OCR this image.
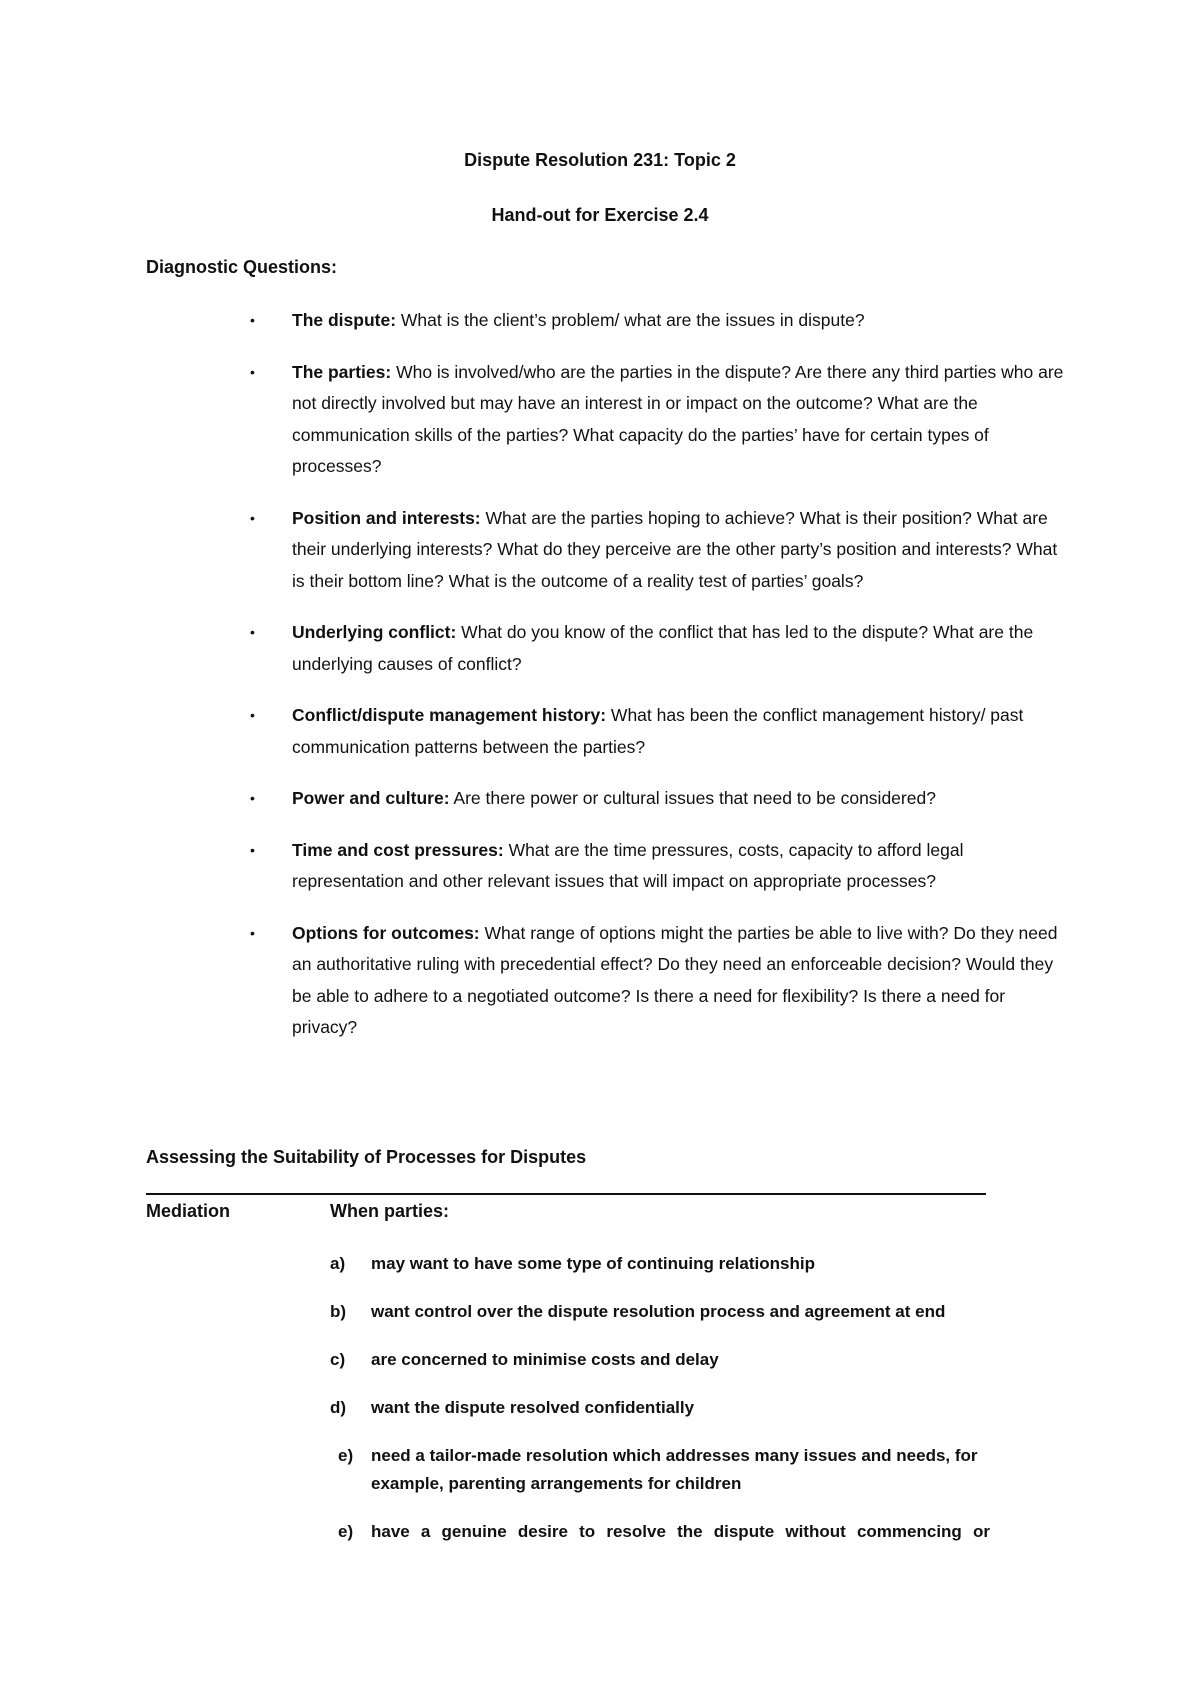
Dispute Resolution 231: Topic 2
Hand-out for Exercise 2.4
Diagnostic Questions:
• The dispute: What is the client’s problem/ what are the issues in dispute?
• The parties: Who is involved/who are the parties in the dispute? Are there any third parties who are not directly involved but may have an interest in or impact on the outcome? What are the communication skills of the parties? What capacity do the parties’ have for certain types of processes?
• Position and interests: What are the parties hoping to achieve? What is their position? What are their underlying interests? What do they perceive are the other party’s position and interests? What is their bottom line? What is the outcome of a reality test of parties’ goals?
• Underlying conflict: What do you know of the conflict that has led to the dispute? What are the underlying causes of conflict?
• Conflict/dispute management history: What has been the conflict management history/ past communication patterns between the parties?
• Power and culture: Are there power or cultural issues that need to be considered?
• Time and cost pressures: What are the time pressures, costs, capacity to afford legal representation and other relevant issues that will impact on appropriate processes?
• Options for outcomes: What range of options might the parties be able to live with? Do they need an authoritative ruling with precedential effect? Do they need an enforceable decision? Would they be able to adhere to a negotiated outcome? Is there a need for flexibility? Is there a need for privacy?
Assessing the Suitability of Processes for Disputes
Mediation	When parties:
a) may want to have some type of continuing relationship
b) want control over the dispute resolution process and agreement at end
c) are concerned to minimise costs and delay
d) want the dispute resolved confidentially
e) need a tailor-made resolution which addresses many issues and needs, for example, parenting arrangements for children
e) have a genuine desire to resolve the dispute without commencing or
